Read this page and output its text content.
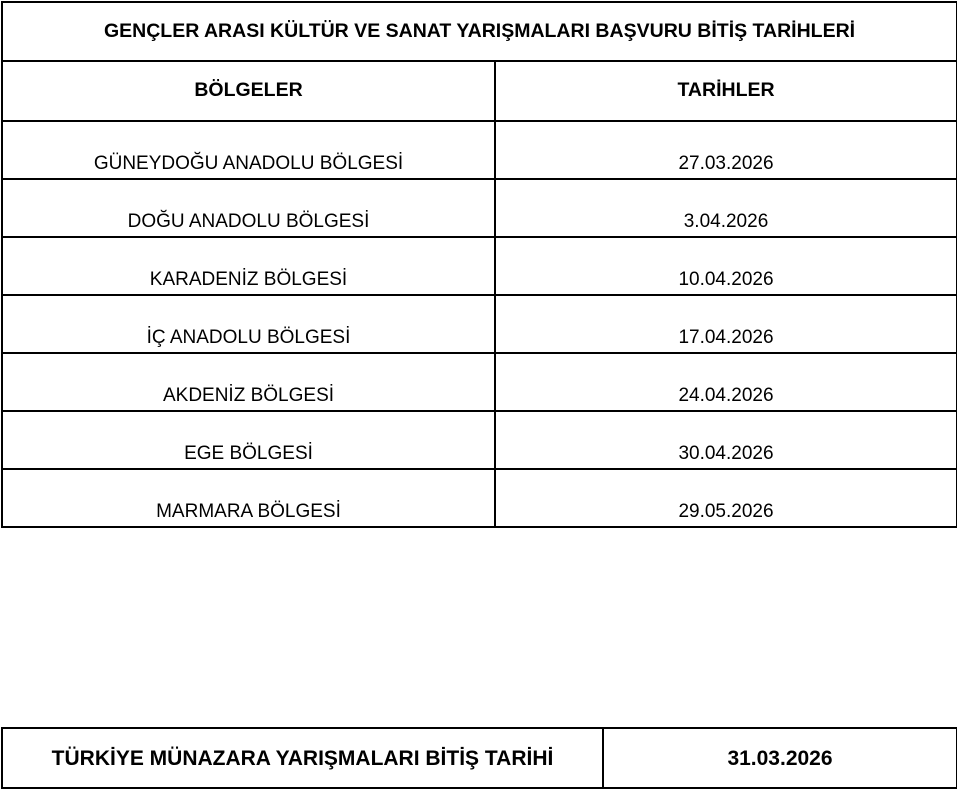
GENÇLER ARASI KÜLTÜR VE SANAT YARIŞMALARI BAŞVURU BİTİŞ TARİHLERİ	
BÖLGELER	TARİHLER
GÜNEYDOĞU ANADOLU BÖLGESİ	27.03.2026
DOĞU ANADOLU BÖLGESİ	3.04.2026
KARADENİZ BÖLGESİ	10.04.2026
İÇ ANADOLU BÖLGESİ	17.04.2026
AKDENİZ BÖLGESİ	24.04.2026
EGE BÖLGESİ	30.04.2026
MARMARA BÖLGESİ	29.05.2026
TÜRKİYE MÜNAZARA YARIŞMALARI BİTİŞ TARİHİ	31.03.2026
